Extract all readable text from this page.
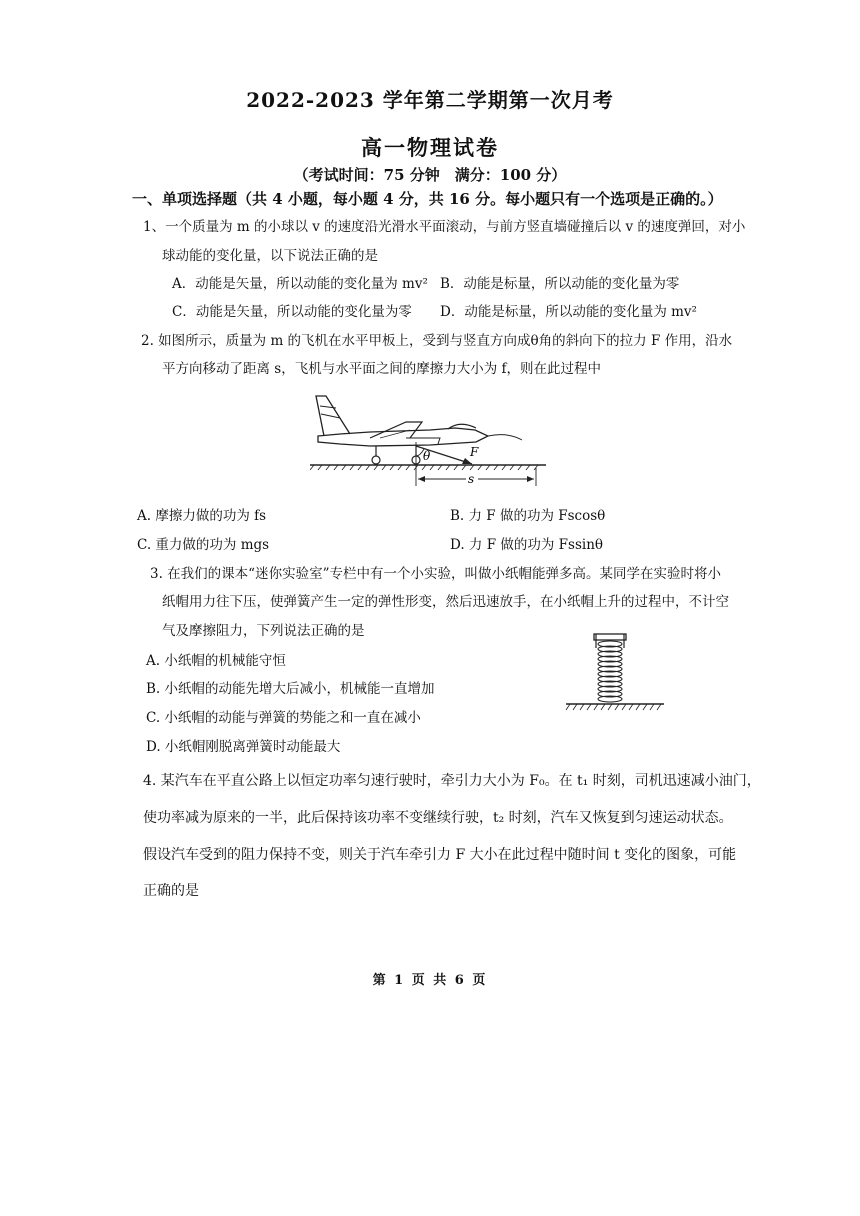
2022-2023 学年第二学期第一次月考
高一物理试卷
（考试时间：75 分钟　满分：100 分）
一、单项选择题（共 4 小题，每小题 4 分，共 16 分。每小题只有一个选项是正确的。）
1、一个质量为 m 的小球以 v 的速度沿光滑水平面滚动，与前方竖直墙碰撞后以 v 的速度弹回，对小
球动能的变化量，以下说法正确的是
A．动能是矢量，所以动能的变化量为 mv² B．动能是标量，所以动能的变化量为零
C．动能是矢量，所以动能的变化量为零 D．动能是标量，所以动能的变化量为 mv²
2. 如图所示，质量为 m 的飞机在水平甲板上，受到与竖直方向成θ角的斜向下的拉力 F 作用，沿水
平方向移动了距离 s，飞机与水平面之间的摩擦力大小为 f，则在此过程中
θ	F
s
A. 摩擦力做的功为 fs	B. 力 F 做的功为 Fscosθ
C. 重力做的功为 mgs	D. 力 F 做的功为 Fssinθ
3. 在我们的课本“迷你实验室”专栏中有一个小实验，叫做小纸帽能弹多高。某同学在实验时将小
纸帽用力往下压，使弹簧产生一定的弹性形变，然后迅速放手，在小纸帽上升的过程中，不计空
气及摩擦阻力，下列说法正确的是
A. 小纸帽的机械能守恒
B. 小纸帽的动能先增大后减小，机械能一直增加
C. 小纸帽的动能与弹簧的势能之和一直在减小
D. 小纸帽刚脱离弹簧时动能最大
4. 某汽车在平直公路上以恒定功率匀速行驶时，牵引力大小为 F₀。在 t₁ 时刻，司机迅速减小油门，
使功率减为原来的一半，此后保持该功率不变继续行驶，t₂ 时刻，汽车又恢复到匀速运动状态。
假设汽车受到的阻力保持不变，则关于汽车牵引力 F 大小在此过程中随时间 t 变化的图象，可能
正确的是
第 1 页 共 6 页
